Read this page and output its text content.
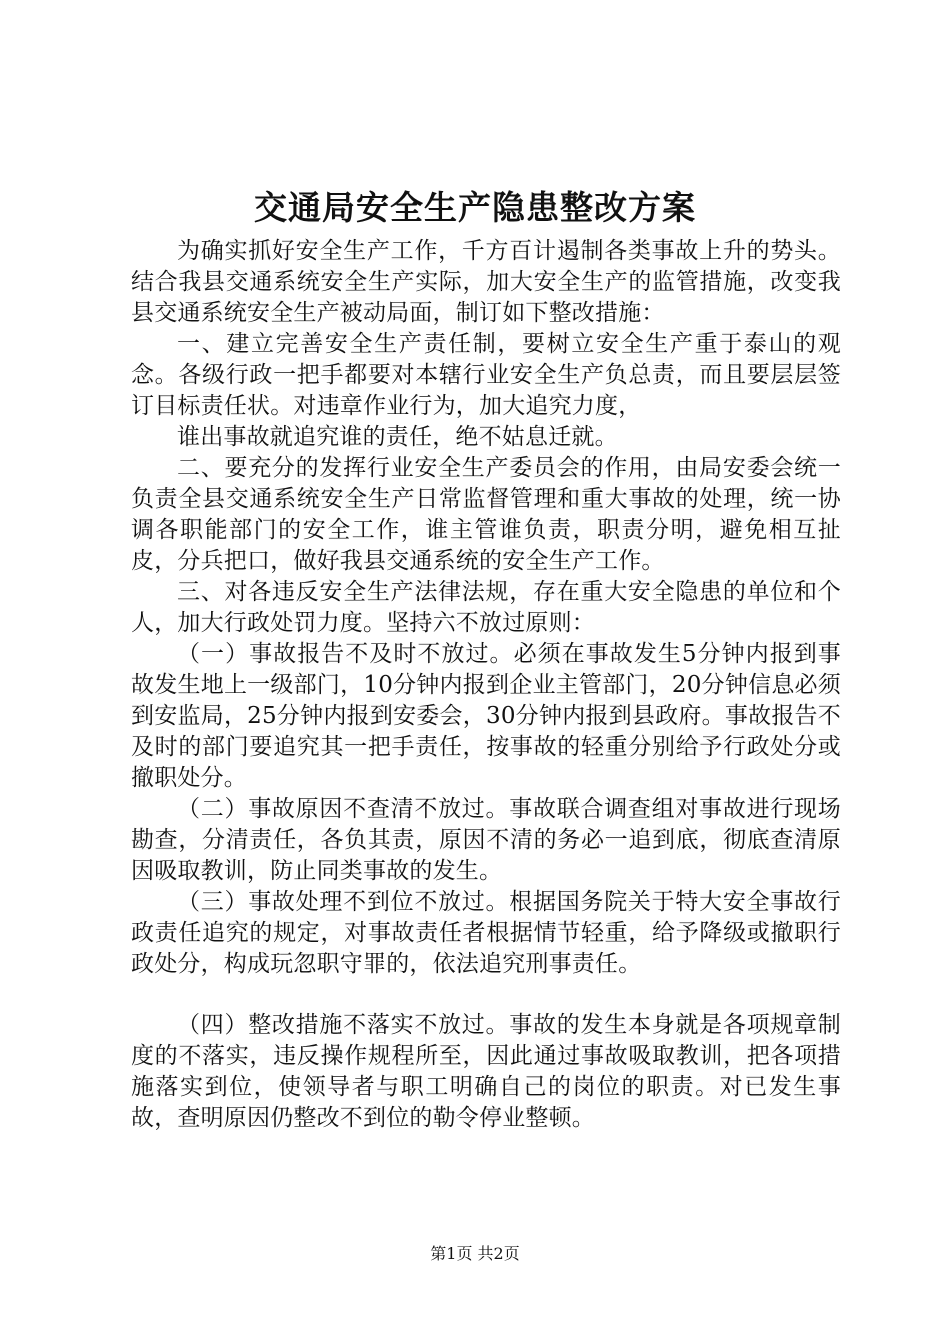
交通局安全生产隐患整改方案

为确实抓好安全生产工作，千方百计遏制各类事故上升的势头。结合我县交通系统安全生产实际，加大安全生产的监管措施，改变我县交通系统安全生产被动局面，制订如下整改措施：

一、建立完善安全生产责任制，要树立安全生产重于泰山的观念。各级行政一把手都要对本辖行业安全生产负总责，而且要层层签订目标责任状。对违章作业行为，加大追究力度，

谁出事故就追究谁的责任，绝不姑息迁就。

二、要充分的发挥行业安全生产委员会的作用，由局安委会统一负责全县交通系统安全生产日常监督管理和重大事故的处理，统一协调各职能部门的安全工作，谁主管谁负责，职责分明，避免相互扯皮，分兵把口，做好我县交通系统的安全生产工作。

三、对各违反安全生产法律法规，存在重大安全隐患的单位和个人，加大行政处罚力度。坚持六不放过原则：

（一）事故报告不及时不放过。必须在事故发生5分钟内报到事故发生地上一级部门，10分钟内报到企业主管部门，20分钟信息必须到安监局，25分钟内报到安委会，30分钟内报到县政府。事故报告不及时的部门要追究其一把手责任，按事故的轻重分别给予行政处分或撤职处分。

（二）事故原因不查清不放过。事故联合调查组对事故进行现场勘查，分清责任，各负其责，原因不清的务必一追到底，彻底查清原因吸取教训，防止同类事故的发生。

（三）事故处理不到位不放过。根据国务院关于特大安全事故行政责任追究的规定，对事故责任者根据情节轻重，给予降级或撤职行政处分，构成玩忽职守罪的，依法追究刑事责任。

（四）整改措施不落实不放过。事故的发生本身就是各项规章制度的不落实，违反操作规程所至，因此通过事故吸取教训，把各项措施落实到位，使领导者与职工明确自己的岗位的职责。对已发生事故，查明原因仍整改不到位的勒令停业整顿。

第1页 共2页
